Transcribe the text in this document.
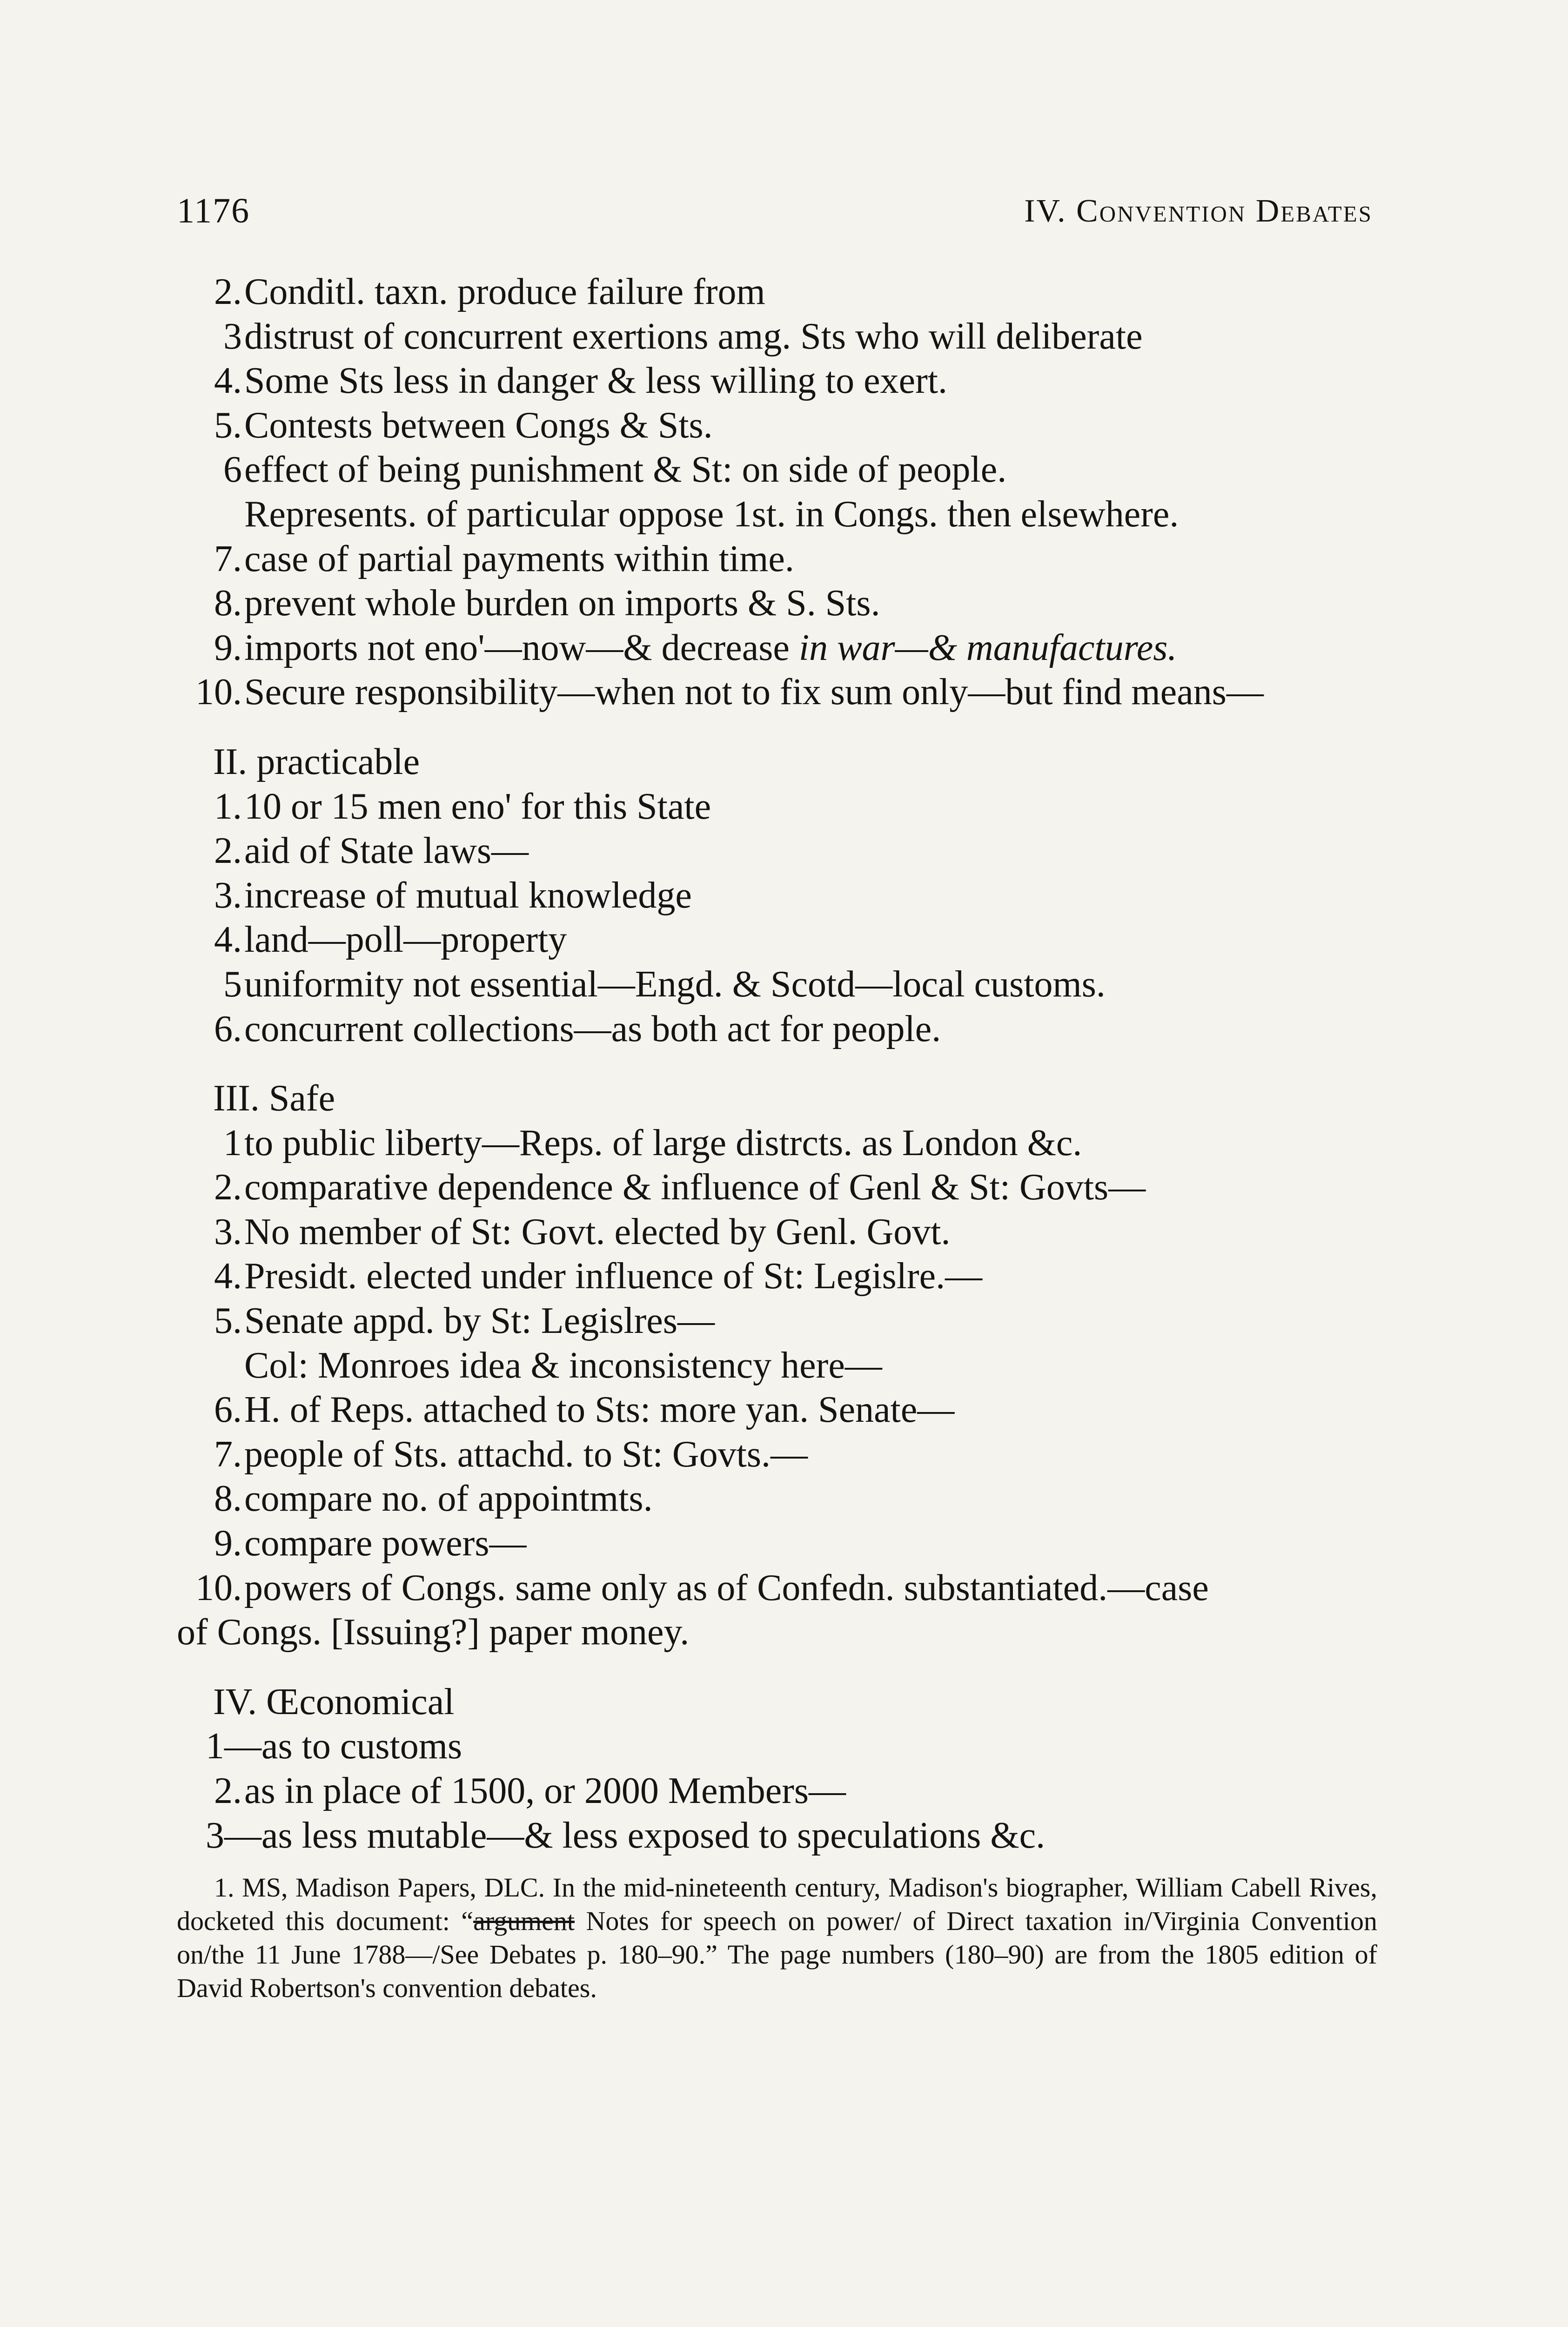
1176	IV. Convention Debates
2. Conditl. taxn. produce failure from
3 distrust of concurrent exertions amg. Sts who will deliberate
4. Some Sts less in danger & less willing to exert.
5. Contests between Congs & Sts.
6 effect of being punishment & St: on side of people.
Represents. of particular oppose 1st. in Congs. then elsewhere.
7. case of partial payments within time.
8. prevent whole burden on imports & S. Sts.
9. imports not eno'—now—& decrease in war—& manufactures.
10. Secure responsibility—when not to fix sum only—but find means—
II. practicable
1. 10 or 15 men eno' for this State
2. aid of State laws—
3. increase of mutual knowledge
4. land—poll—property
5 uniformity not essential—Engd. & Scotd—local customs.
6. concurrent collections—as both act for people.
III. Safe
1 to public liberty—Reps. of large distrcts. as London &c.
2. comparative dependence & influence of Genl & St: Govts—
3. No member of St: Govt. elected by Genl. Govt.
4. Presidt. elected under influence of St: Legislre.—
5. Senate appd. by St: Legislres—
Col: Monroes idea & inconsistency here—
6. H. of Reps. attached to Sts: more yan. Senate—
7. people of Sts. attachd. to St: Govts.—
8. compare no. of appointmts.
9. compare powers—
10. powers of Congs. same only as of Confedn. substantiated.—case
of Congs. [Issuing?] paper money.
IV. Œconomical
1—as to customs
2. as in place of 1500, or 2000 Members—
3—as less mutable—& less exposed to speculations &c.

1. MS, Madison Papers, DLC. In the mid-nineteenth century, Madison's biographer, William Cabell Rives, docketed this document: “argument Notes for speech on power/ of Direct taxation in/Virginia Convention on/the 11 June 1788—/See Debates p. 180–90.” The page numbers (180–90) are from the 1805 edition of David Robertson's convention debates.
